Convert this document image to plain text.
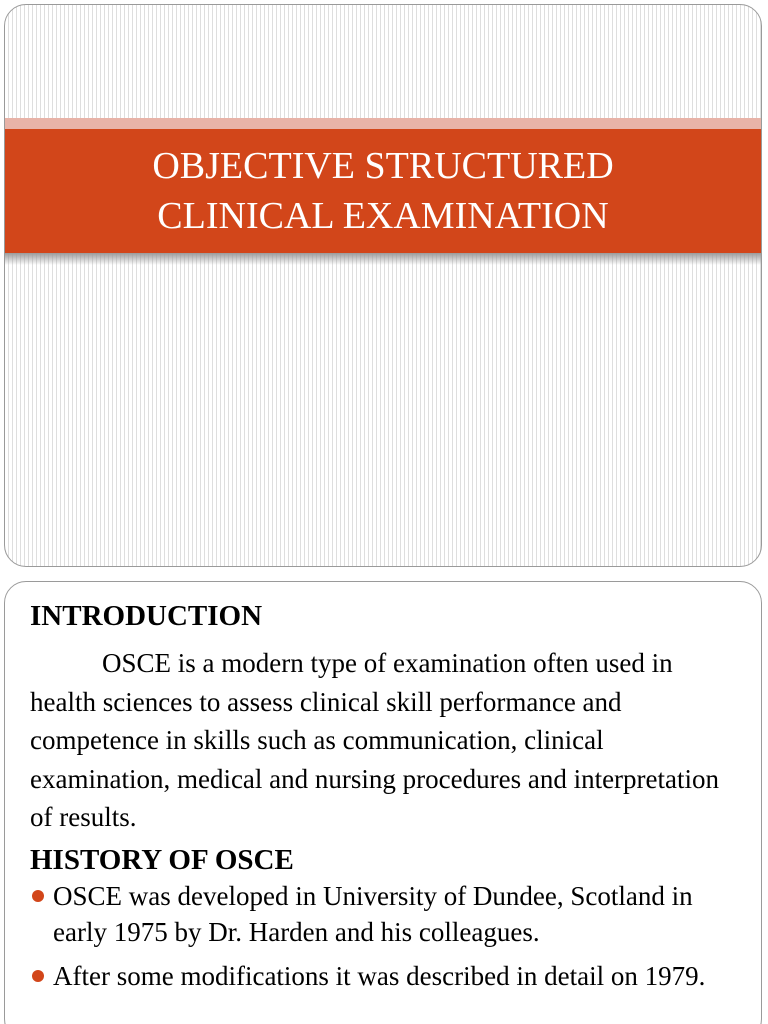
OBJECTIVE STRUCTURED
CLINICAL EXAMINATION
INTRODUCTION

OSCE is a modern type of examination often used in health sciences to assess clinical skill performance and competence in skills such as communication, clinical examination, medical and nursing procedures and interpretation of results.

HISTORY OF OSCE
OSCE was developed in University of Dundee, Scotland in early 1975 by Dr. Harden and his colleagues.
After some modifications it was described in detail on 1979.
